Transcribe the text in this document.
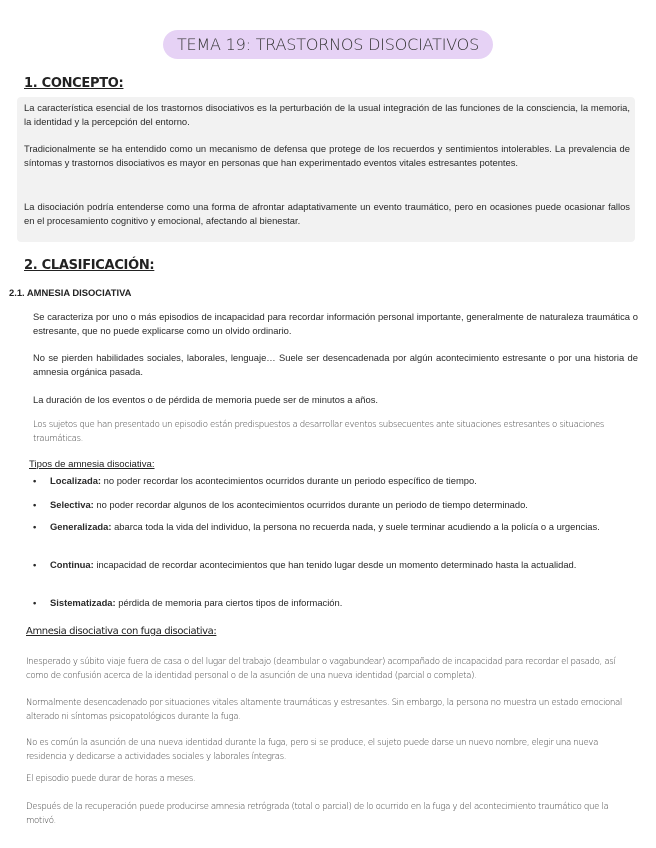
TEMA 19: TRASTORNOS DISOCIATIVOS
1. CONCEPTO:

La característica esencial de los trastornos disociativos es la perturbación de la usual integración de las funciones de la consciencia, la memoria, la identidad y la percepción del entorno.

Tradicionalmente se ha entendido como un mecanismo de defensa que protege de los recuerdos y sentimientos intolerables. La prevalencia de síntomas y trastornos disociativos es mayor en personas que han experimentado eventos vitales estresantes potentes.

La disociación podría entenderse como una forma de afrontar adaptativamente un evento traumático, pero en ocasiones puede ocasionar fallos en el procesamiento cognitivo y emocional, afectando al bienestar.

2. CLASIFICACIÓN:
2.1. AMNESIA DISOCIATIVA

Se caracteriza por uno o más episodios de incapacidad para recordar información personal importante, generalmente de naturaleza traumática o estresante, que no puede explicarse como un olvido ordinario.

No se pierden habilidades sociales, laborales, lenguaje… Suele ser desencadenada por algún acontecimiento estresante o por una historia de amnesia orgánica pasada.

La duración de los eventos o de pérdida de memoria puede ser de minutos a años.

Los sujetos que han presentado un episodio están predispuestos a desarrollar eventos subsecuentes ante situaciones estresantes o situaciones traumáticas.

Tipos de amnesia disociativa:
• Localizada: no poder recordar los acontecimientos ocurridos durante un periodo específico de tiempo.
• Selectiva: no poder recordar algunos de los acontecimientos ocurridos durante un periodo de tiempo determinado.
• Generalizada: abarca toda la vida del individuo, la persona no recuerda nada, y suele terminar acudiendo a la policía o a urgencias.
• Continua: incapacidad de recordar acontecimientos que han tenido lugar desde un momento determinado hasta la actualidad.
• Sistematizada: pérdida de memoria para ciertos tipos de información.
Amnesia disociativa con fuga disociativa:

Inesperado y súbito viaje fuera de casa o del lugar del trabajo (deambular o vagabundear) acompañado de incapacidad para recordar el pasado, así como de confusión acerca de la identidad personal o de la asunción de una nueva identidad (parcial o completa).

Normalmente desencadenado por situaciones vitales altamente traumáticas y estresantes. Sin embargo, la persona no muestra un estado emocional alterado ni síntomas psicopatológicos durante la fuga.

No es común la asunción de una nueva identidad durante la fuga, pero si se produce, el sujeto puede darse un nuevo nombre, elegir una nueva residencia y dedicarse a actividades sociales y laborales íntegras.

El episodio puede durar de horas a meses.

Después de la recuperación puede producirse amnesia retrógrada (total o parcial) de lo ocurrido en la fuga y del acontecimiento traumático que la motivó.
